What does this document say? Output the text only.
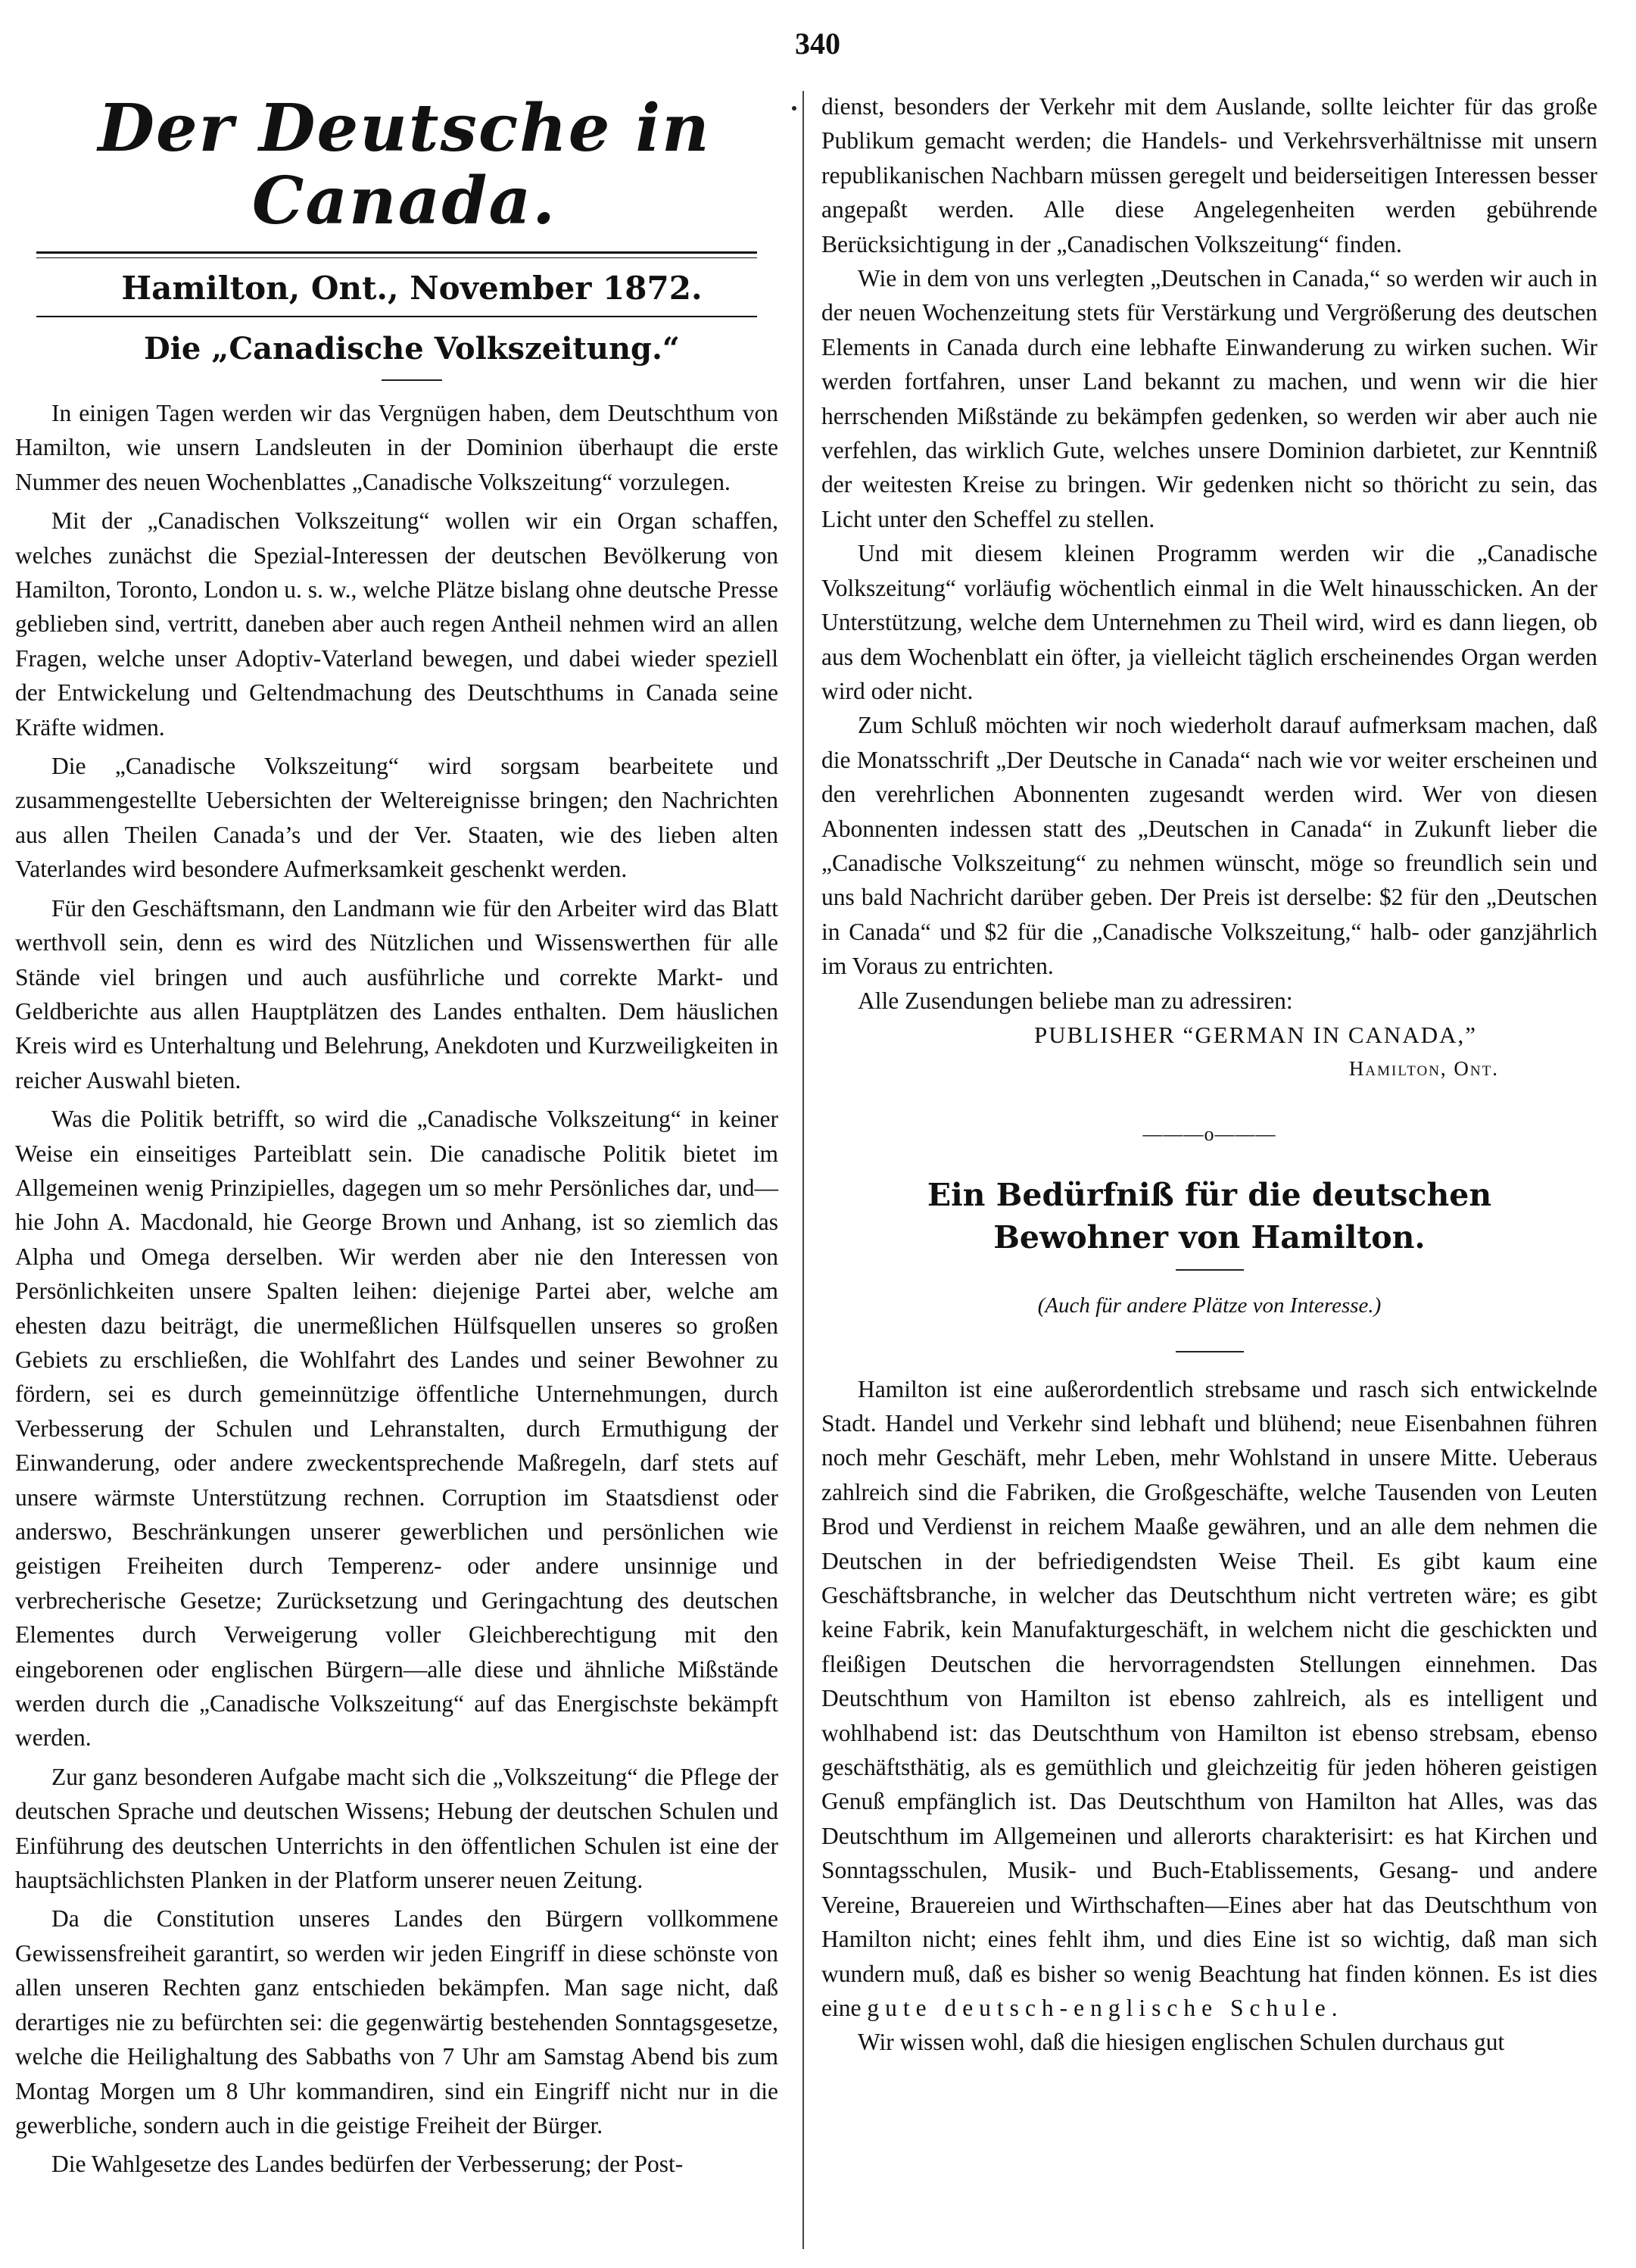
340
Der Deutsche in Canada.
Hamilton, Ont., November 1872.
Die „Canadische Volkszeitung.“

In einigen Tagen werden wir das Vergnügen haben, dem Deutschthum von Hamilton, wie unsern Landsleuten in der Dominion überhaupt die erste Nummer des neuen Wochenblattes „Canadische Volkszeitung“ vorzulegen.

Mit der „Canadischen Volkszeitung“ wollen wir ein Organ schaffen, welches zunächst die Spezial-Interessen der deutschen Bevölkerung von Hamilton, Toronto, London u. s. w., welche Plätze bislang ohne deutsche Presse geblieben sind, vertritt, daneben aber auch regen Antheil nehmen wird an allen Fragen, welche unser Adoptiv-Vaterland bewegen, und dabei wieder speziell der Entwickelung und Geltendmachung des Deutschthums in Canada seine Kräfte widmen.

Die „Canadische Volkszeitung“ wird sorgsam bearbeitete und zusammengestellte Uebersichten der Weltereignisse bringen; den Nachrichten aus allen Theilen Canada’s und der Ver. Staaten, wie des lieben alten Vaterlandes wird besondere Aufmerksamkeit geschenkt werden.

Für den Geschäftsmann, den Landmann wie für den Arbeiter wird das Blatt werthvoll sein, denn es wird des Nützlichen und Wissenswerthen für alle Stände viel bringen und auch ausführliche und correkte Markt- und Geldberichte aus allen Hauptplätzen des Landes enthalten. Dem häuslichen Kreis wird es Unterhaltung und Belehrung, Anekdoten und Kurzweiligkeiten in reicher Auswahl bieten.

Was die Politik betrifft, so wird die „Canadische Volkszeitung“ in keiner Weise ein einseitiges Parteiblatt sein. Die canadische Politik bietet im Allgemeinen wenig Prinzipielles, dagegen um so mehr Persönliches dar, und—hie John A. Macdonald, hie George Brown und Anhang, ist so ziemlich das Alpha und Omega derselben. Wir werden aber nie den Interessen von Persönlichkeiten unsere Spalten leihen: diejenige Partei aber, welche am ehesten dazu beiträgt, die unermeßlichen Hülfsquellen unseres so großen Gebiets zu erschließen, die Wohlfahrt des Landes und seiner Bewohner zu fördern, sei es durch gemeinnützige öffentliche Unternehmungen, durch Verbesserung der Schulen und Lehranstalten, durch Ermuthigung der Einwanderung, oder andere zweckentsprechende Maßregeln, darf stets auf unsere wärmste Unterstützung rechnen. Corruption im Staatsdienst oder anderswo, Beschränkungen unserer gewerblichen und persönlichen wie geistigen Freiheiten durch Temperenz- oder andere unsinnige und verbrecherische Gesetze; Zurücksetzung und Geringachtung des deutschen Elementes durch Verweigerung voller Gleichberechtigung mit den eingeborenen oder englischen Bürgern—alle diese und ähnliche Mißstände werden durch die „Canadische Volkszeitung“ auf das Energischste bekämpft werden.

Zur ganz besonderen Aufgabe macht sich die „Volkszeitung“ die Pflege der deutschen Sprache und deutschen Wissens; Hebung der deutschen Schulen und Einführung des deutschen Unterrichts in den öffentlichen Schulen ist eine der hauptsächlichsten Planken in der Platform unserer neuen Zeitung.

Da die Constitution unseres Landes den Bürgern vollkommene Gewissensfreiheit garantirt, so werden wir jeden Eingriff in diese schönste von allen unseren Rechten ganz entschieden bekämpfen. Man sage nicht, daß derartiges nie zu befürchten sei: die gegenwärtig bestehenden Sonntagsgesetze, welche die Heilighaltung des Sabbaths von 7 Uhr am Samstag Abend bis zum Montag Morgen um 8 Uhr kommandiren, sind ein Eingriff nicht nur in die gewerbliche, sondern auch in die geistige Freiheit der Bürger.

Die Wahlgesetze des Landes bedürfen der Verbesserung; der Post-

dienst, besonders der Verkehr mit dem Auslande, sollte leichter für das große Publikum gemacht werden; die Handels- und Verkehrsverhältnisse mit unsern republikanischen Nachbarn müssen geregelt und beiderseitigen Interessen besser angepaßt werden. Alle diese Angelegenheiten werden gebührende Berücksichtigung in der „Canadischen Volkszeitung“ finden.

Wie in dem von uns verlegten „Deutschen in Canada,“ so werden wir auch in der neuen Wochenzeitung stets für Verstärkung und Vergrößerung des deutschen Elements in Canada durch eine lebhafte Einwanderung zu wirken suchen. Wir werden fortfahren, unser Land bekannt zu machen, und wenn wir die hier herrschenden Mißstände zu bekämpfen gedenken, so werden wir aber auch nie verfehlen, das wirklich Gute, welches unsere Dominion darbietet, zur Kenntniß der weitesten Kreise zu bringen. Wir gedenken nicht so thöricht zu sein, das Licht unter den Scheffel zu stellen.

Und mit diesem kleinen Programm werden wir die „Canadische Volkszeitung“ vorläufig wöchentlich einmal in die Welt hinausschicken. An der Unterstützung, welche dem Unternehmen zu Theil wird, wird es dann liegen, ob aus dem Wochenblatt ein öfter, ja vielleicht täglich erscheinendes Organ werden wird oder nicht.

Zum Schluß möchten wir noch wiederholt darauf aufmerksam machen, daß die Monatsschrift „Der Deutsche in Canada“ nach wie vor weiter erscheinen und den verehrlichen Abonnenten zugesandt werden wird. Wer von diesen Abonnenten indessen statt des „Deutschen in Canada“ in Zukunft lieber die „Canadische Volkszeitung“ zu nehmen wünscht, möge so freundlich sein und uns bald Nachricht darüber geben. Der Preis ist derselbe: $2 für den „Deutschen in Canada“ und $2 für die „Canadische Volkszeitung,“ halb- oder ganzjährlich im Voraus zu entrichten.

Alle Zusendungen beliebe man zu adressiren:

PUBLISHER “GERMAN IN CANADA,”
Hamilton, Ont.
———o———
Ein Bedürfniß für die deutschen Bewohner von Hamilton.
(Auch für andere Plätze von Interesse.)

Hamilton ist eine außerordentlich strebsame und rasch sich entwickelnde Stadt. Handel und Verkehr sind lebhaft und blühend; neue Eisenbahnen führen noch mehr Geschäft, mehr Leben, mehr Wohlstand in unsere Mitte. Ueberaus zahlreich sind die Fabriken, die Großgeschäfte, welche Tausenden von Leuten Brod und Verdienst in reichem Maaße gewähren, und an alle dem nehmen die Deutschen in der befriedigendsten Weise Theil. Es gibt kaum eine Geschäftsbranche, in welcher das Deutschthum nicht vertreten wäre; es gibt keine Fabrik, kein Manufakturgeschäft, in welchem nicht die geschickten und fleißigen Deutschen die hervorragendsten Stellungen einnehmen. Das Deutschthum von Hamilton ist ebenso zahlreich, als es intelligent und wohlhabend ist: das Deutschthum von Hamilton ist ebenso strebsam, ebenso geschäftsthätig, als es gemüthlich und gleichzeitig für jeden höheren geistigen Genuß empfänglich ist. Das Deutschthum von Hamilton hat Alles, was das Deutschthum im Allgemeinen und allerorts charakterisirt: es hat Kirchen und Sonntagsschulen, Musik- und Buch-Etablissements, Gesang- und andere Vereine, Brauereien und Wirthschaften—Eines aber hat das Deutschthum von Hamilton nicht; eines fehlt ihm, und dies Eine ist so wichtig, daß man sich wundern muß, daß es bisher so wenig Beachtung hat finden können. Es ist dies eine gute deutsch-englische Schule.

Wir wissen wohl, daß die hiesigen englischen Schulen durchaus gut
